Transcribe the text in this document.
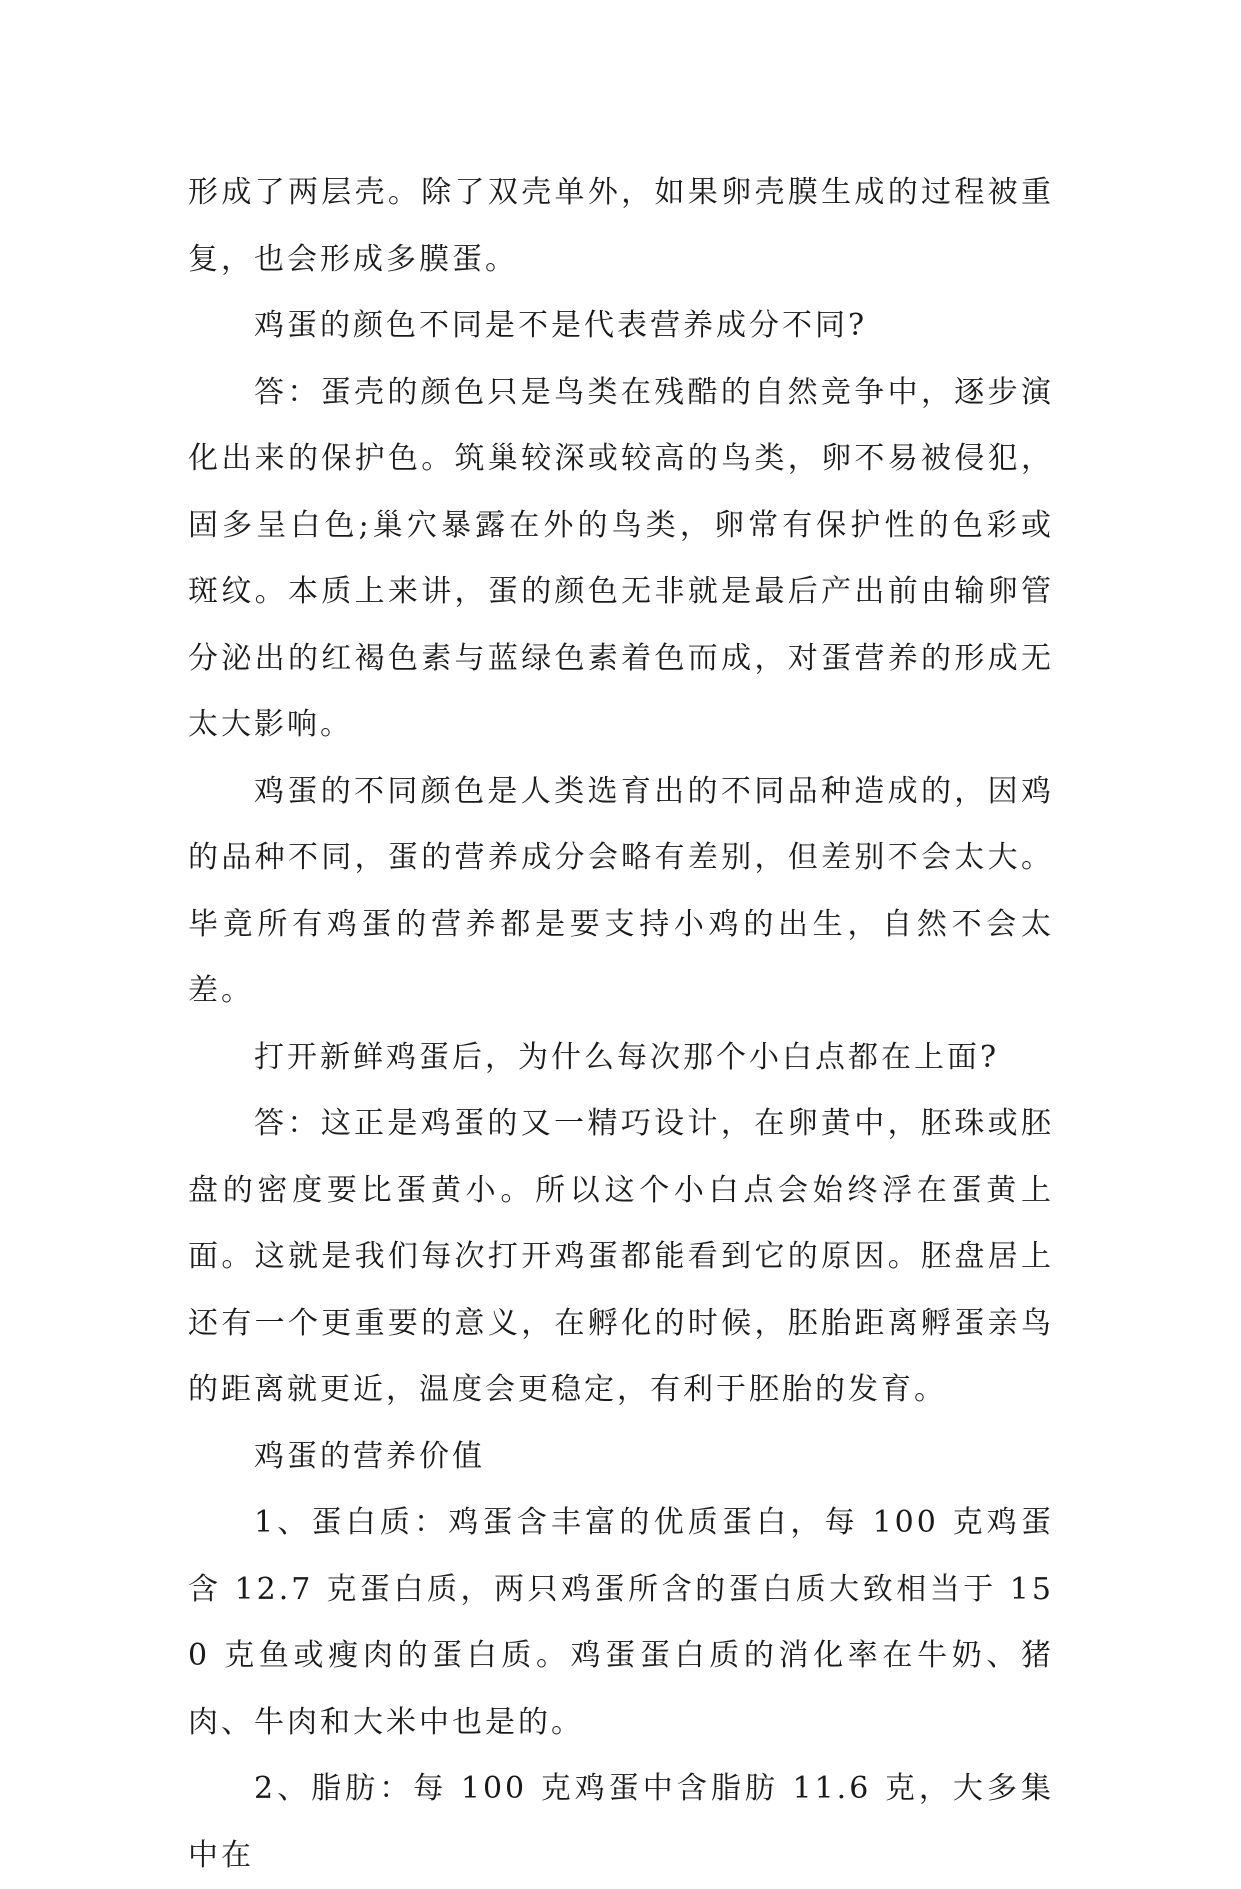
形成了两层壳。除了双壳单外，如果卵壳膜生成的过程被重复，也会形成多膜蛋。

鸡蛋的颜色不同是不是代表营养成分不同?

答：蛋壳的颜色只是鸟类在残酷的自然竞争中，逐步演化出来的保护色。筑巢较深或较高的鸟类，卵不易被侵犯，固多呈白色;巢穴暴露在外的鸟类，卵常有保护性的色彩或斑纹。本质上来讲，蛋的颜色无非就是最后产出前由输卵管分泌出的红褐色素与蓝绿色素着色而成，对蛋营养的形成无太大影响。

鸡蛋的不同颜色是人类选育出的不同品种造成的，因鸡的品种不同，蛋的营养成分会略有差别，但差别不会太大。毕竟所有鸡蛋的营养都是要支持小鸡的出生，自然不会太差。

打开新鲜鸡蛋后，为什么每次那个小白点都在上面?

答：这正是鸡蛋的又一精巧设计，在卵黄中，胚珠或胚盘的密度要比蛋黄小。所以这个小白点会始终浮在蛋黄上面。这就是我们每次打开鸡蛋都能看到它的原因。胚盘居上还有一个更重要的意义，在孵化的时候，胚胎距离孵蛋亲鸟的距离就更近，温度会更稳定，有利于胚胎的发育。

鸡蛋的营养价值

1、蛋白质：鸡蛋含丰富的优质蛋白，每 100 克鸡蛋含 12.7 克蛋白质，两只鸡蛋所含的蛋白质大致相当于 150 克鱼或瘦肉的蛋白质。鸡蛋蛋白质的消化率在牛奶、猪肉、牛肉和大米中也是的。

2、脂肪：每 100 克鸡蛋中含脂肪 11.6 克，大多集中在
